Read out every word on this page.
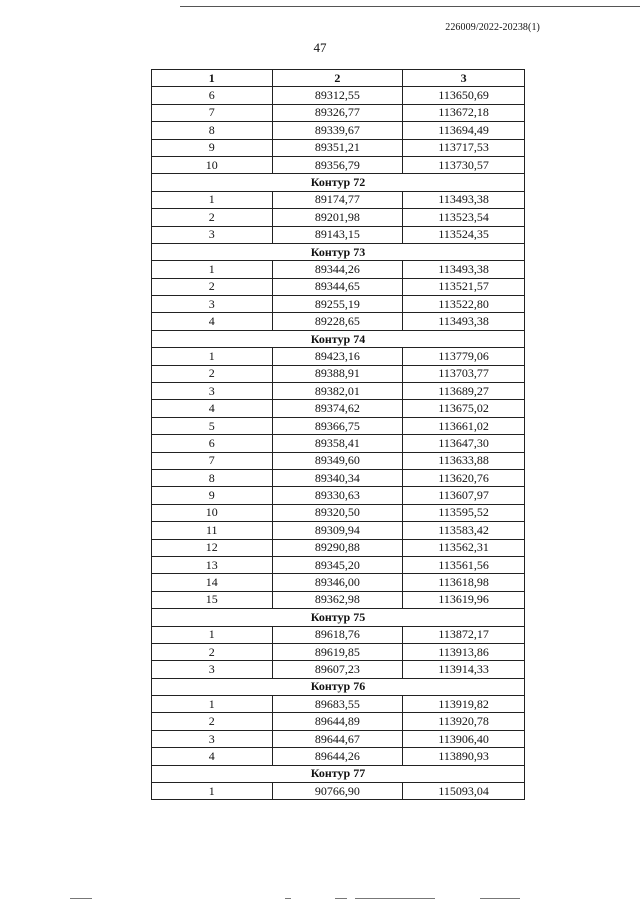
226009/2022-20238(1)
47
1	2	3
6	89312,55	113650,69
7	89326,77	113672,18
8	89339,67	113694,49
9	89351,21	113717,53
10	89356,79	113730,57
Контур 72		
1	89174,77	113493,38
2	89201,98	113523,54
3	89143,15	113524,35
Контур 73		
1	89344,26	113493,38
2	89344,65	113521,57
3	89255,19	113522,80
4	89228,65	113493,38
Контур 74		
1	89423,16	113779,06
2	89388,91	113703,77
3	89382,01	113689,27
4	89374,62	113675,02
5	89366,75	113661,02
6	89358,41	113647,30
7	89349,60	113633,88
8	89340,34	113620,76
9	89330,63	113607,97
10	89320,50	113595,52
11	89309,94	113583,42
12	89290,88	113562,31
13	89345,20	113561,56
14	89346,00	113618,98
15	89362,98	113619,96
Контур 75		
1	89618,76	113872,17
2	89619,85	113913,86
3	89607,23	113914,33
Контур 76		
1	89683,55	113919,82
2	89644,89	113920,78
3	89644,67	113906,40
4	89644,26	113890,93
Контур 77		
1	90766,90	115093,04
